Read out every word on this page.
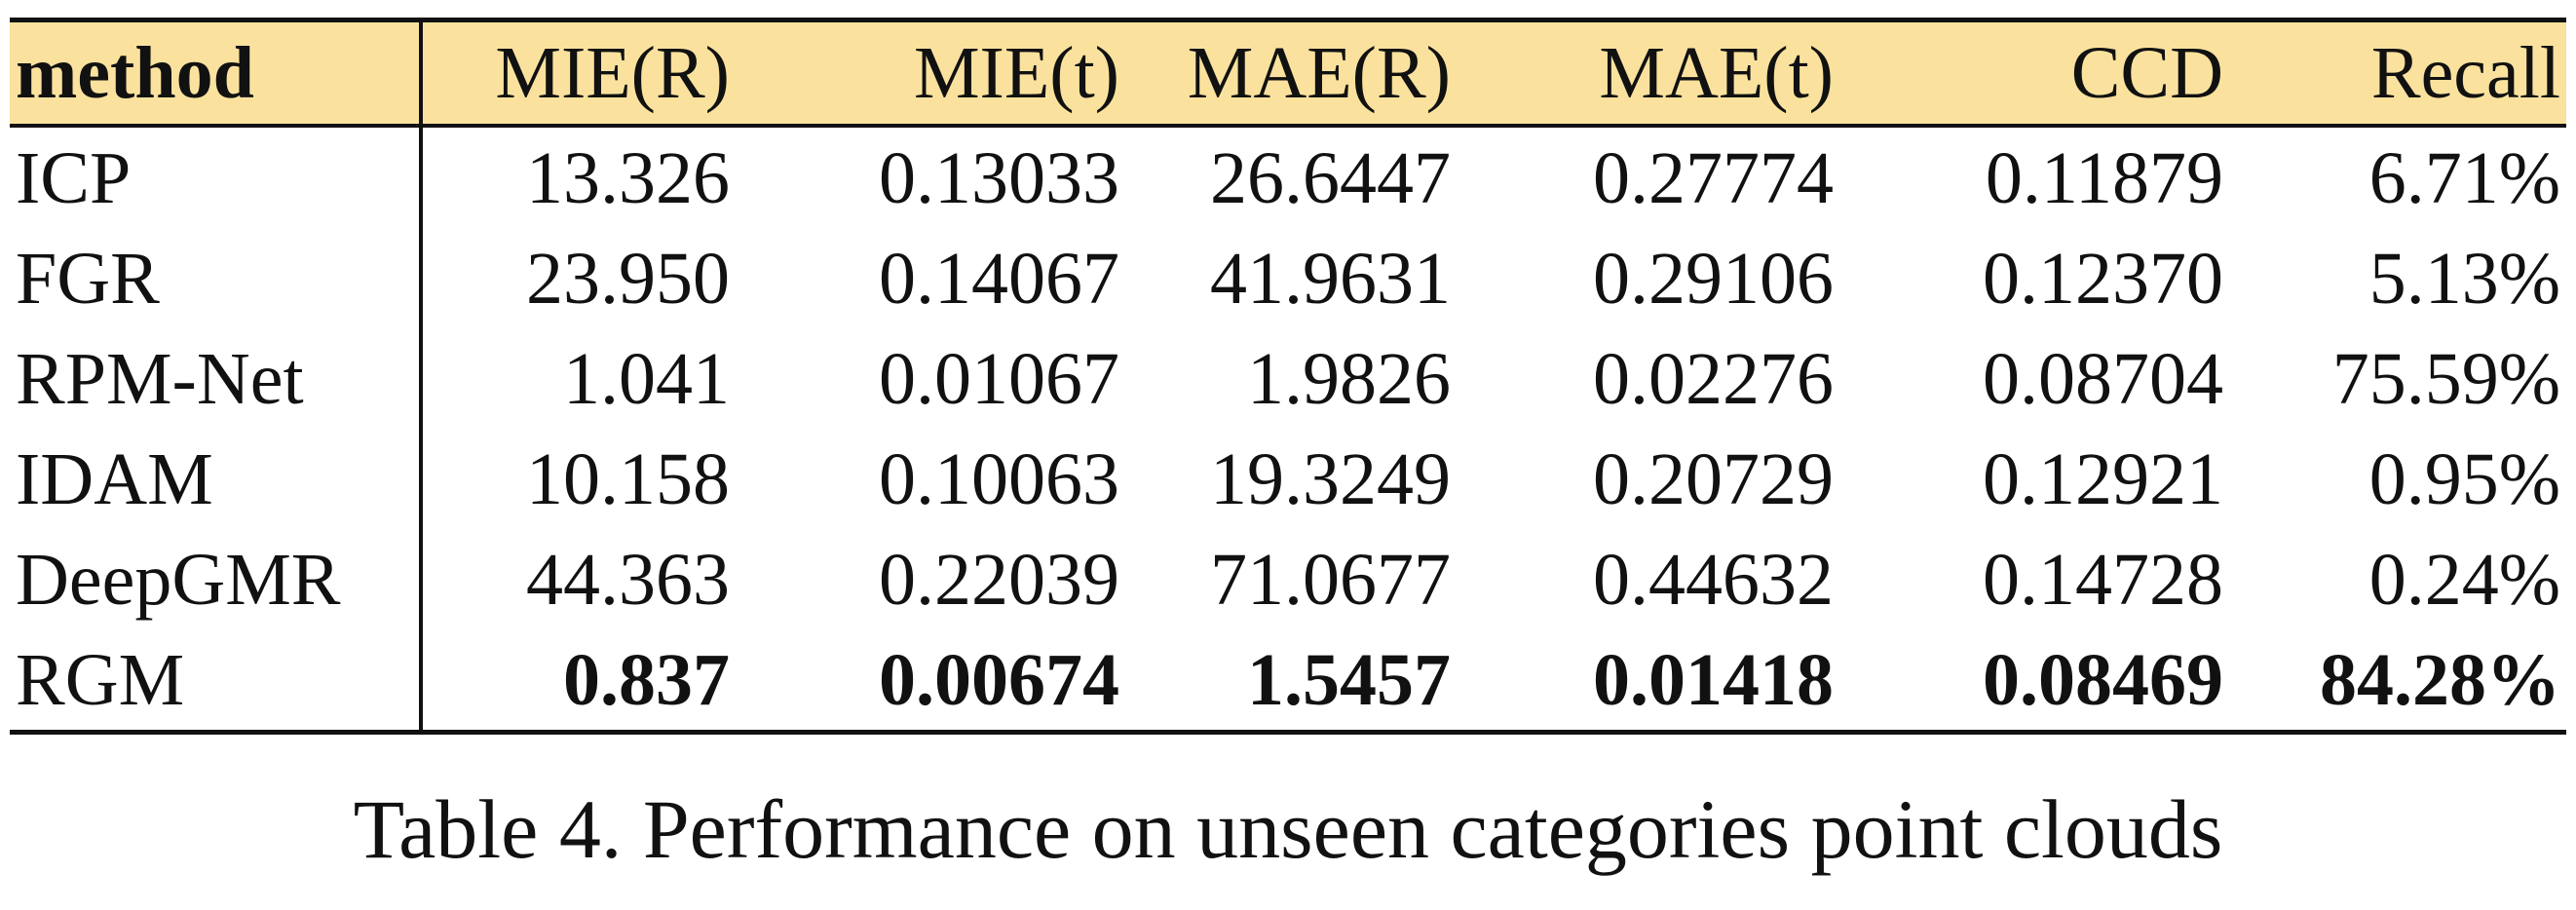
method	MIE(R)	MIE(t)	MAE(R)	MAE(t)	CCD	Recall
ICP	13.326	0.13033	26.6447	0.27774	0.11879	6.71%
FGR	23.950	0.14067	41.9631	0.29106	0.12370	5.13%
RPM-Net	1.041	0.01067	1.9826	0.02276	0.08704	75.59%
IDAM	10.158	0.10063	19.3249	0.20729	0.12921	0.95%
DeepGMR	44.363	0.22039	71.0677	0.44632	0.14728	0.24%
RGM	0.837	0.00674	1.5457	0.01418	0.08469	84.28%
Table 4. Performance on unseen categories point clouds
